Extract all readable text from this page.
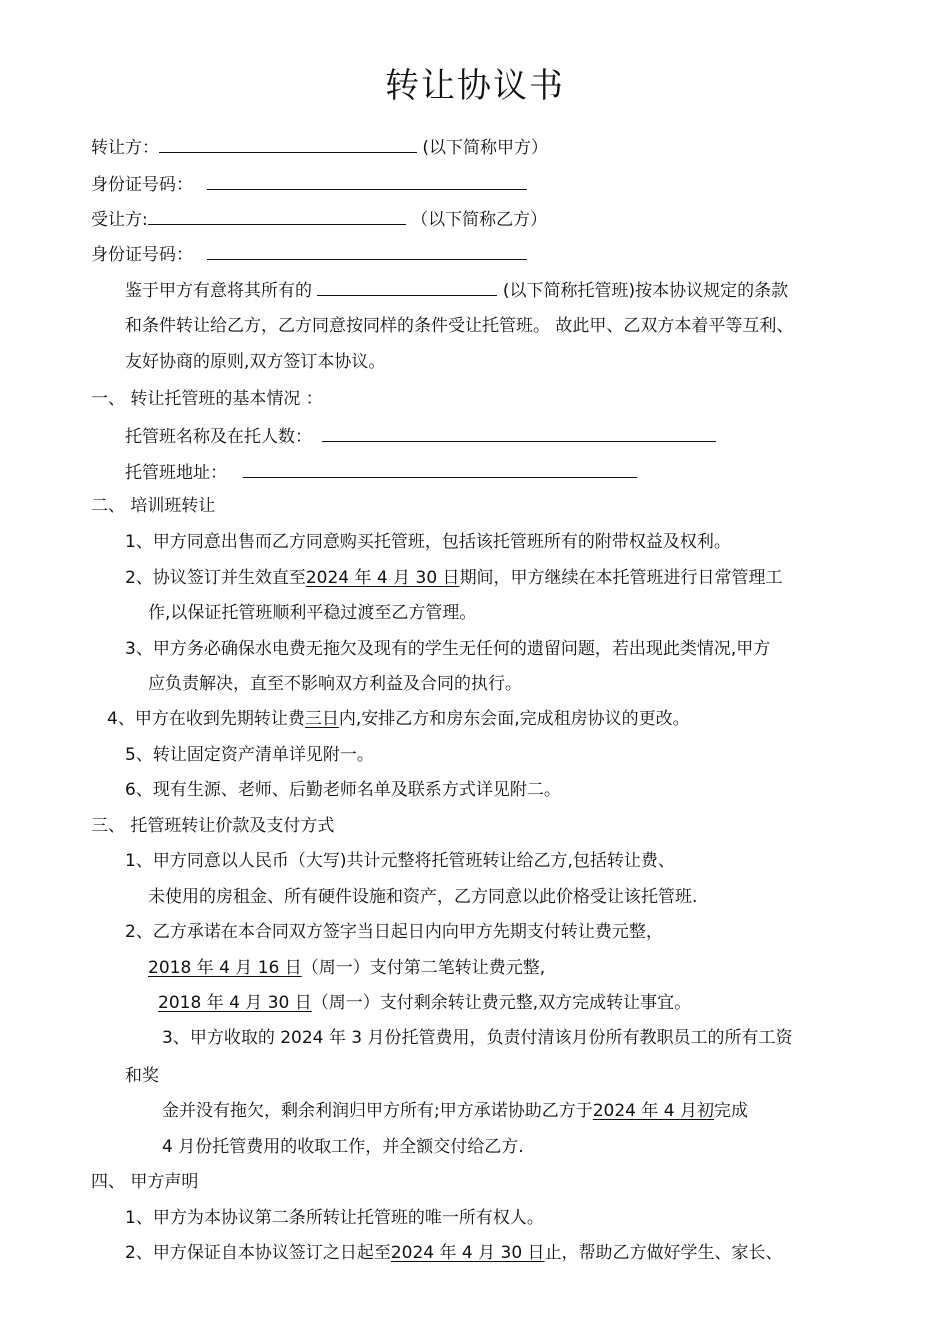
转让协议书
转让方：	(以下简称甲方）
身份证号码：
受让方:	（以下简称乙方）
身份证号码：
鉴于甲方有意将其所有的	(以下简称托管班)按本协议规定的条款
和条件转让给乙方，乙方同意按同样的条件受让托管班。 故此甲、乙双方本着平等互利、
友好协商的原则,双方签订本协议。
一、 转让托管班的基本情况 ：
托管班名称及在托人数：
托管班地址：
二、 培训班转让
1、甲方同意出售而乙方同意购买托管班，包括该托管班所有的附带权益及权利。
2、协议签订并生效直至2024 年 4 月 30 日期间，甲方继续在本托管班进行日常管理工
作,以保证托管班顺利平稳过渡至乙方管理。
3、甲方务必确保水电费无拖欠及现有的学生无任何的遗留问题，若出现此类情况,甲方
应负责解决，直至不影响双方利益及合同的执行。
4、甲方在收到先期转让费三日内,安排乙方和房东会面,完成租房协议的更改。
5、转让固定资产清单详见附一。
6、现有生源、老师、后勤老师名单及联系方式详见附二。
三、 托管班转让价款及支付方式
1、甲方同意以人民币（大写)共计元整将托管班转让给乙方,包括转让费、
未使用的房租金、所有硬件设施和资产，乙方同意以此价格受让该托管班.
2、乙方承诺在本合同双方签字当日起日内向甲方先期支付转让费元整，
2018 年 4 月 16 日（周一）支付第二笔转让费元整,
2018 年 4 月 30 日（周一）支付剩余转让费元整,双方完成转让事宜。
3、甲方收取的 2024 年 3 月份托管费用，负责付清该月份所有教职员工的所有工资
和奖
金并没有拖欠，剩余利润归甲方所有;甲方承诺协助乙方于2024 年 4 月初完成
4 月份托管费用的收取工作，并全额交付给乙方.
四、 甲方声明
1、甲方为本协议第二条所转让托管班的唯一所有权人。
2、甲方保证自本协议签订之日起至2024 年 4 月 30 日止，帮助乙方做好学生、家长、
